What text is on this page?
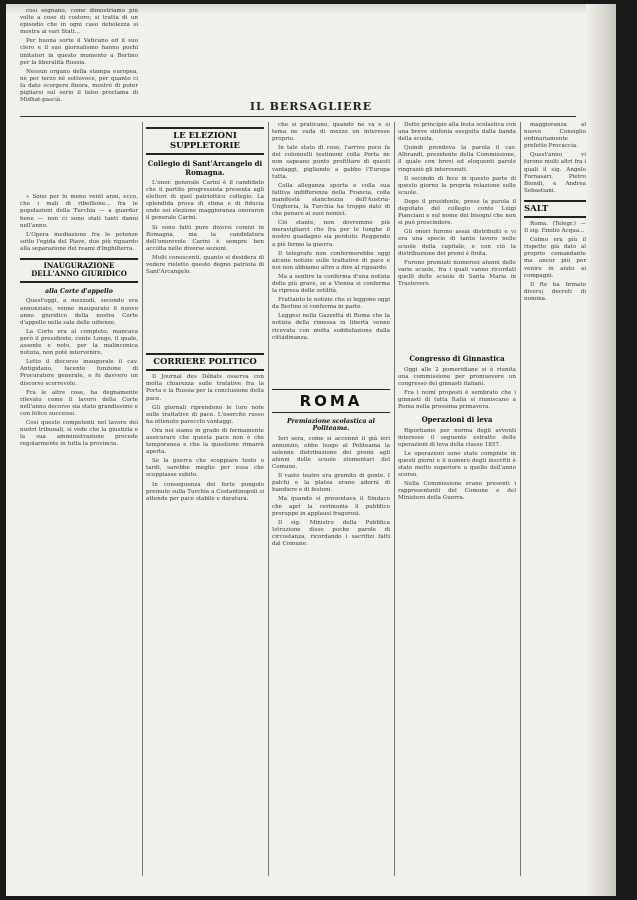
IL BERSAGLIERE

così segnano, come dimostriamo più volte a cose di costoro; si tratta di un episodio che in ogni caso debolezza si mostra ai vari Stati...

Per buona sorte il Vaticano ed il suo clero e il suo giornalismo hanno pochi imitatori in questo momento a Berlino per la liberalità Russia.

Nessun organo della stampa europea, nè per terzo nè sottovoce, per quanto ci fa dato scorgere finora, mostrò di poter pigliarsi sul serio il falso proclama di Midhat-pascià.

« Sono per lo meno venti anni, ecco, che i mali di ribellione... fra le popolazioni della Turchia — a guardar bene — non ci sono stati tanti danni nell'anno.

L'Opera mediazione fra le potenze sotto l'egida del Piave, due più riguardo alla separazione dei reami d'Inghilterra.

INAUGURAZIONE DELL'ANNO GIURIDICO
alla Corte d'appello

Quest'oggi, a mezzodì, secondo era annunziato, venne inaugurato il nuovo anno giuridico della nostra Corte d'appello nella sala delle udienze.

La Corte era al completo; mancava però il presidente, conte Longo, il quale, assente e noto, per la malinconica notizia, non potè intervenire.

Letto il discorso inaugurale il cav. Antigidano, facente funzione di Procuratore generale, e fu davvero un discorso scorrevole.

Fra le altre cose, ha degnamente rilevato come il lavoro della Corte nell'anno decorso sia stato grandissimo e con felice successo.

Così questo competenti nel lavoro dei nostri tribunali, si vede che la giustizia e la sua amministrazione procede regolarmente in tutta la provincia.

LE ELEZIONI SUPPLETORIE
Collegio di Sant'Arcangelo di Romagna.

L'onor. generale Carini è il candidato che il partito progressista presenta agli elettori di quel patriottico collegio. La splendida prova di stima e di fiducia onde sei elezione maggioranza onoraron il generale Carini.

Si sono fatti pure diversi comizi in Romagna, ma la candidatura dell'onorevole Carini è sempre ben accolta nelle diverse sezioni.

Molti conoscenti, quanto si desidera di vedere rieletto questo degno patriota di Sant'Arcangelo.

CORRIERE POLITICO

Il Journal des Débats osserva con molta chiarezza sulle tratative fra la Porta e la Russia per la conclusione della pace.

Gli giornali riprendono le loro note sulle trattative di pace. L'esercito russo ha ottenuto parecchi vantaggi.

Ora nei siamo in grado di fermamente assicurare che questa pace non è che temporanea e che la questione rimarrà aperta.

Se la guerra che scoppiare tosto o tardi, sarebbe meglio per essa che scoppiasse subito.

In conseguenza del forte pungolo premuto sulla Turchia a Costantinopoli si attende per pace stabile e duratura.

che si praticano, quando ne va e si tema ne vada di mezzo un interesse proprio.

In tale stato di cose, l'arrivo poco fa dei colonnelli testimoni colla Porta ne non sapeano punto profittare di questi vantaggi, pigliando a gabbo l'Europa tutta.

Colla alleganza sporta e colla sua fattiva indifferenza della Francia, colla manifesta stanchezza dell'Austria-Ungheria, la Turchia ha troppo dato di che penare ai suoi nemici.

Ciò stante, non dovremmo più meravigliarci che fra per le lunghe il nostro guadagno sia perduto. Reggendo a piè fermo la guerra.

Il telegrafo non confermerebbe oggi alcune notizie sulle trattative di pace e noi non abbiamo altro a dire al riguardo.

Ma a sentire la conferma d'una notizia delle più grave, se a Vienna si conferma la ripresa delle ostilità.

Frattanto le notizie che si leggono oggi da Berlino si conferma in parte.

Leggesi nella Gazzetta di Roma che la notizia della rimessa in libertà venne ricevuta con molta soddisfazione dalla cittadinanza.

ROMA
Premiazione scolastica al Politeama.

Ieri sera, come si accennò il già ieri annunzio, ebbe luogo al Politeama la solenne distribuzione dei premi agli alunni delle scuole elementari del Comune.

Il vasto teatro era gremito di gente. I palchi e la platea erano adorni di bandiere e di festoni.

Ma quando si presentava il Sindaco che aprì la cerimonia il pubblico proruppe in applausi fragorosi.

Il sig. Ministro della Pubblica Istruzione disse poche parole di circostanza, ricordando i sacrifizi fatti dal Comune.

Dettò principio alla festa scolastica con una breve sinfonia eseguita dalla banda della scuola.

Quindi prendeva la parola il cav. Albrandi, presidente della Commissione, il quale con brevi ed eloquenti parole ringraziò gli intervenuti.

Il secondo di fece in questo parte di questo giorno la propria relazione sulle scuole.

Dopo il presidente, prese la parola il deputato del collegio conte Luigi Pianciani e sul nome dei bisogni che non si può prescindere.

Gli onori furono assai distribuiti e vi era una specie di tanto lavoro nelle scuole della capitale, e con ciò la distribuzione dei premi è finita.

Furono premiati numerosi alunni delle varie scuole, fra i quali vanno ricordati quelli delle scuole di Santa Maria in Trastevere.

Congresso di Ginnastica

Oggi alle 2 pomeridiane si è riunita una commissione per promuovere un congresso dei ginnasti italiani.

Fra i nomi proposti è sembrato che i ginnasti di tutta Italia si riuniscano a Roma nella prossima primavera.

Operazioni di leva

Riportiamo per norma degli avventi interesse il seguente estratto delle operazioni di leva della classe 1857.

Le operazioni sono state compiute in questi giorni e il numero degli inscritti è stato molto superiore a quello dell'anno scorso.

Nella Commissione erano presenti i rappresentanti del Comune e del Ministero della Guerra.

maggioranza al nuovo Consiglio ordinariamente prefetto Procaccia.

Quest'anno vi furono molti altri fra i quali il sig. Angelo Fornasari, Pietro Biondi, e Andrea Sebastiani.

SALT

Roma. (Telegr.) — Il sig. Emilio Acqua...

Colmo era più il rispetto già dato al proprio comandante ma ancor più per venire in aiuto ai compagni.

Il Re ha firmato diversi decreti di nomina.
